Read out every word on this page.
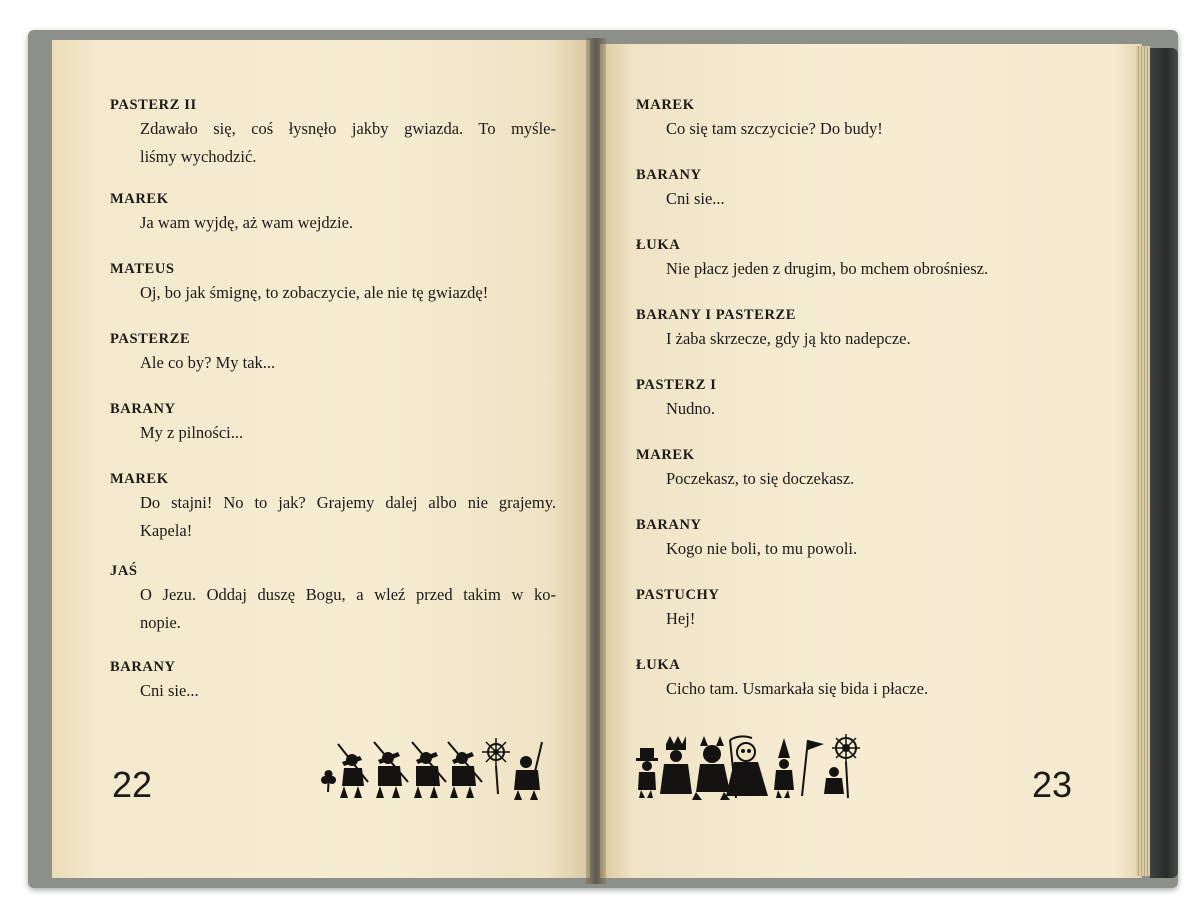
PASTERZ II
Zdawało się, coś łysnęło jakby gwiazda. To myśle-
liśmy wychodzić.
MAREK
Ja wam wyjdę, aż wam wejdzie.
MATEUS
Oj, bo jak śmignę, to zobaczycie, ale nie tę gwiazdę!
PASTERZE
Ale co by? My tak...
BARANY
My z pilności...
MAREK
Do stajni! No to jak? Grajemy dalej albo nie grajemy.
Kapela!
JAŚ
O Jezu. Oddaj duszę Bogu, a wleź przed takim w ko-
nopie.
BARANY
Cni sie...
MAREK
Co się tam szczycicie? Do budy!
BARANY
Cni sie...
ŁUKA
Nie płacz jeden z drugim, bo mchem obrośniesz.
BARANY I PASTERZE
I żaba skrzecze, gdy ją kto nadepcze.
PASTERZ I
Nudno.
MAREK
Poczekasz, to się doczekasz.
BARANY
Kogo nie boli, to mu powoli.
PASTUCHY
Hej!
ŁUKA
Cicho tam. Usmarkała się bida i płacze.
22	23
